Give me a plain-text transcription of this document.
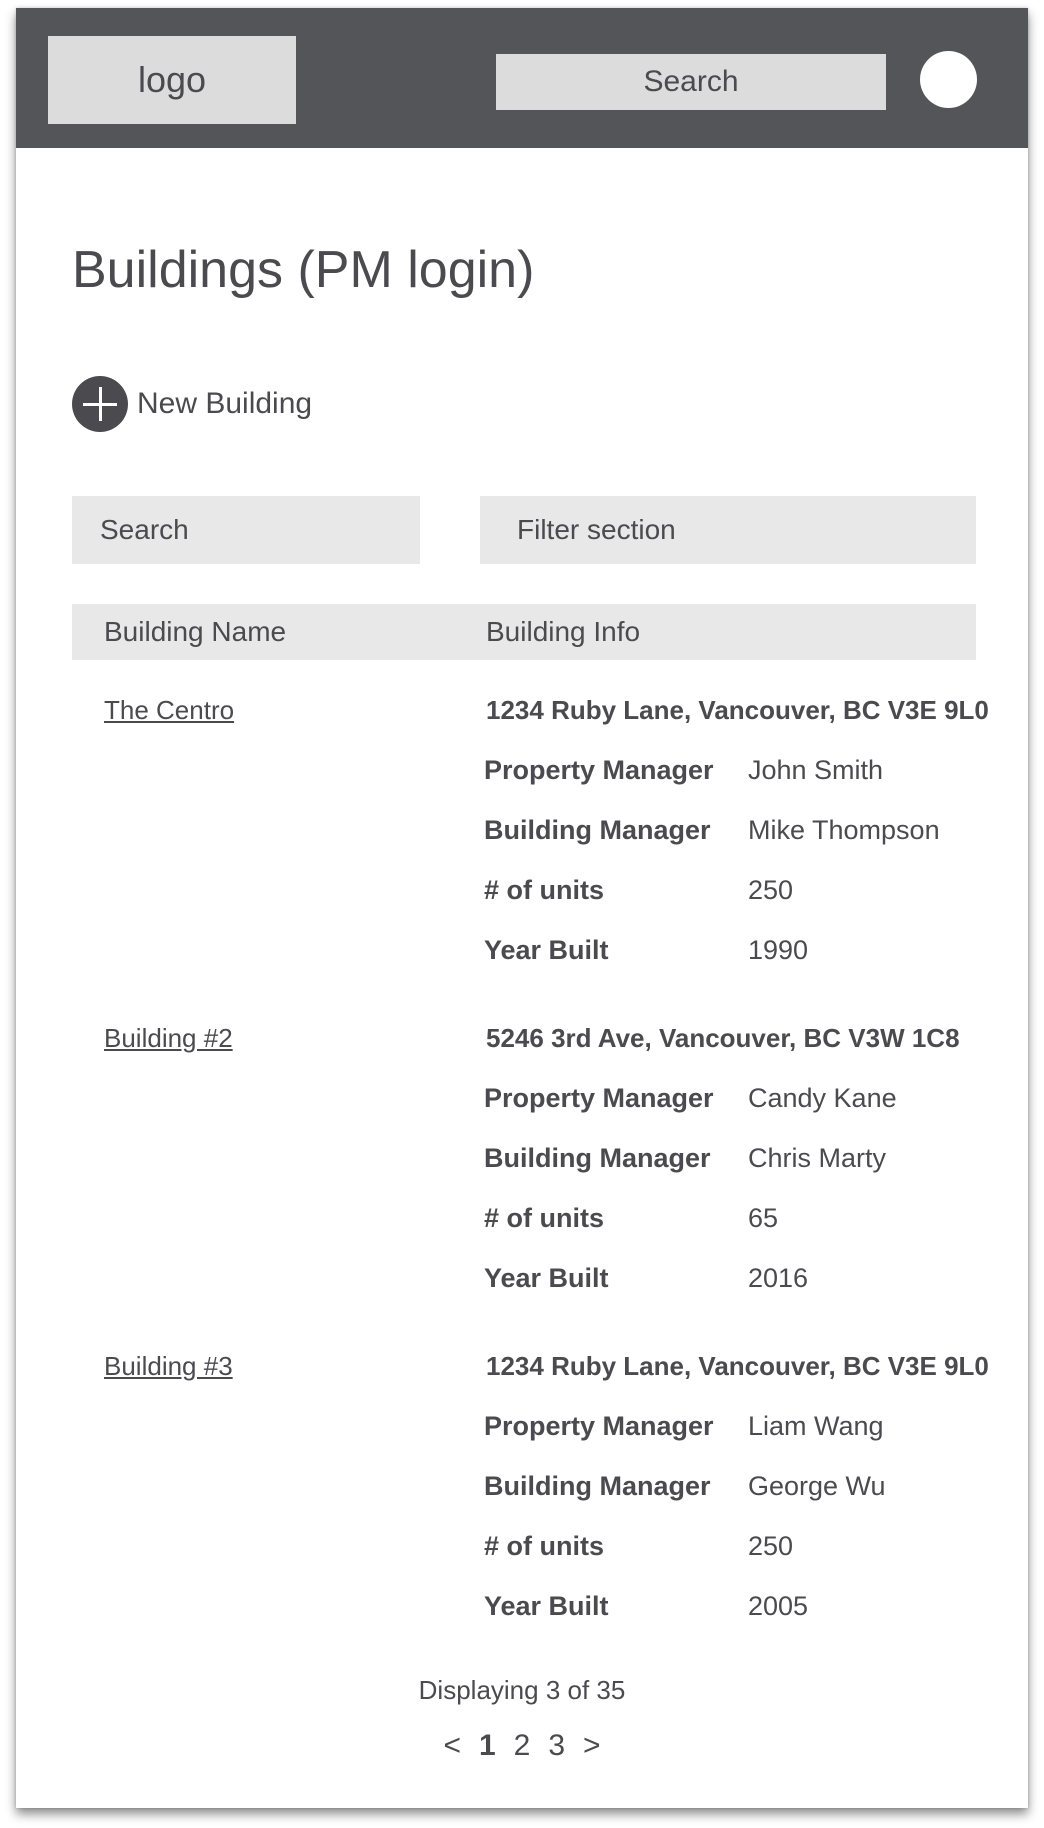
logo	Search
Buildings (PM login)
New Building
Search	Filter section
Building Name	Building Info
The Centro	1234 Ruby Lane, Vancouver, BC V3E 9L0
Property Manager John Smith
Building Manager Mike Thompson
# of units	250
Year Built	1990
Building #2	5246 3rd Ave, Vancouver, BC V3W 1C8
Property Manager Candy Kane
Building Manager Chris Marty
# of units	65
Year Built	2016
Building #3	1234 Ruby Lane, Vancouver, BC V3E 9L0
Property Manager Liam Wang
Building Manager George Wu
# of units	250
Year Built	2005
Displaying 3 of 35
< 1 2 3 >
